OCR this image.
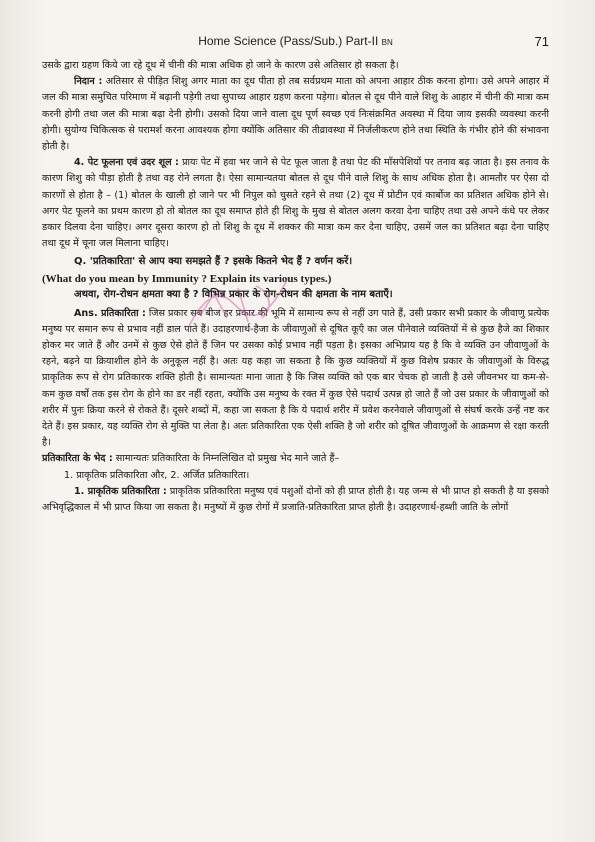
Home Science (Pass/Sub.) Part-II BN	71

उसके द्वारा ग्रहण किये जा रहे दूध में चीनी की मात्रा अधिक हो जाने के कारण उसे अतिसार हो सकता है।

निदान : अतिसार से पीड़ित शिशु अगर माता का दूध पीता हो तब सर्वप्रथम माता को अपना आहार ठीक करना होगा। उसे अपने आहार में जल की मात्रा समुचित परिमाण में बढ़ानी पड़ेगी तथा सुपाच्य आहार ग्रहण करना पड़ेगा। बोतल से दूध पीने वाले शिशु के आहार में चीनी की मात्रा कम करनी होगी तथा जल की मात्रा बढ़ा देनी होगी। उसको दिया जाने वाला दूध पूर्ण स्वच्छ एवं निःसंक्रमित अवस्था में दिया जाय इसकी व्यवस्था करनी होगी। सुयोग्य चिकित्सक से परामर्श करना आवश्यक होगा क्योंकि अतिसार की तीव्रावस्था में निर्जलीकरण होने तथा स्थिति के गंभीर होने की संभावना होती है।

4. पेट फूलना एवं उदर शूल : प्रायः पेट में हवा भर जाने से पेट फूल जाता है तथा पेट की माँसपेशियों पर तनाव बढ़ जाता है। इस तनाव के कारण शिशु को पीड़ा होती है तथा वह रोने लगता है। ऐसा सामान्यतया बोतल से दूध पीने वाले शिशु के साथ अधिक होता है। आमतौर पर ऐसा दो कारणों से होता है – (1) बोतल के खाली हो जाने पर भी निपुल को चुसते रहने से तथा (2) दूध में प्रोटीन एवं कार्बोज का प्रतिशत अधिक होने से। अगर पेट फूलने का प्रथम कारण हो तो बोतल का दूध समाप्त होते ही शिशु के मुख से बोतल अलग करवा देना चाहिए तथा उसे अपने कंधे पर लेकर डकार दिलवा देना चाहिए। अगर दूसरा कारण हो तो शिशु के दूध में शक्कर की मात्रा कम कर देना चाहिए, उसमें जल का प्रतिशत बढ़ा देना चाहिए तथा दूध में चूना जल मिलाना चाहिए।

Q. 'प्रतिकारिता' से आप क्या समझते हैं ? इसके कितने भेद हैं ? वर्णन करें।

(What do you mean by Immunity ? Explain its various types.)

अथवा, रोग-रोधन क्षमता क्या है ? विभिन्न प्रकार के रोग-रोधन की क्षमता के नाम बताएँ।

Ans. प्रतिकारिता : जिस प्रकार सब बीज हर प्रकार की भूमि में सामान्य रूप से नहीं उग पाते हैं, उसी प्रकार सभी प्रकार के जीवाणु प्रत्येक मनुष्य पर समान रूप से प्रभाव नहीं डाल पाते हैं। उदाहरणार्थ-हैजा के जीवाणुओं से दूषित कूएँ का जल पीनेवाले व्यक्तियों में से कुछ हैजे का शिकार होकर मर जाते हैं और उनमें से कुछ ऐसे होते हैं जिन पर उसका कोई प्रभाव नहीं पड़ता है। इसका अभिप्राय यह है कि वे व्यक्ति उन जीवाणुओं के रहने, बढ़ने या क्रियाशील होने के अनुकूल नहीं है। अतः यह कहा जा सकता है कि कुछ व्यक्तियों में कुछ विशेष प्रकार के जीवाणुओं के विरुद्ध प्राकृतिक रूप से रोग प्रतिकारक शक्ति होती है। सामान्यतः माना जाता है कि जिस व्यक्ति को एक बार चेचक हो जाती है उसे जीवनभर या कम-से-कम कुछ वर्षों तक इस रोग के होने का डर नहीं रहता, क्योंकि उस मनुष्य के रक्त में कुछ ऐसे पदार्थ उत्पन्न हो जाते हैं जो उस प्रकार के जीवाणुओं को शरीर में पुनः क्रिया करने से रोकते हैं। दूसरे शब्दों में, कहा जा सकता है कि ये पदार्थ शरीर में प्रवेश करनेवाले जीवाणुओं से संघर्ष करके उन्हें नष्ट कर देते हैं। इस प्रकार, यह व्यक्ति रोग से मुक्ति पा लेता है। अतः प्रतिकारिता एक ऐसी शक्ति है जो शरीर को दूषित जीवाणुओं के आक्रमण से रक्षा करती है।

प्रतिकारिता के भेद : सामान्यतः प्रतिकारिता के निम्नलिखित दो प्रमुख भेद माने जाते हैं–

1. प्राकृतिक प्रतिकारिता और, 2. अर्जित प्रतिकारिता।

1. प्राकृतिक प्रतिकारिता : प्राकृतिक प्रतिकारिता मनुष्य एवं पशुओं दोनों को ही प्राप्त होती है। यह जन्म से भी प्राप्त हो सकती है या इसको अभिवृद्धिकाल में भी प्राप्त किया जा सकता है। मनुष्यों में कुछ रोगों में प्रजाति-प्रतिकारिता प्राप्त होती है। उदाहरणार्थ-हब्शी जाति के लोगों
